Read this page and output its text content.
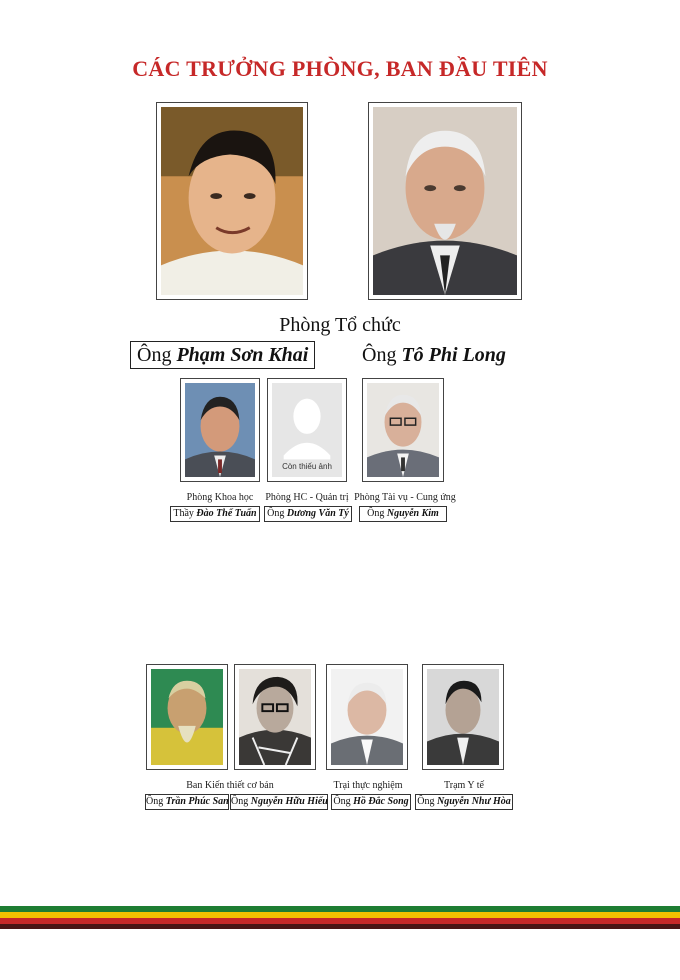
CÁC TRƯỞNG PHÒNG, BAN ĐẦU TIÊN
Phòng Tổ chức
Ông Phạm Sơn Khai	Ông Tô Phi Long
Còn thiếu ảnh
Phòng Khoa học	Phòng HC - Quản trị Phòng Tài vụ - Cung ứng
Thầy Đào Thế Tuấn	Ông Dương Văn Tý	Ông Nguyễn Kim
Ban Kiến thiết cơ bản	Trại thực nghiệm	Trạm Y tế
Ông Trần Phúc San Ông Nguyễn Hữu Hiếu Ông Hồ Đắc Song Ông Nguyễn Như Hòa
